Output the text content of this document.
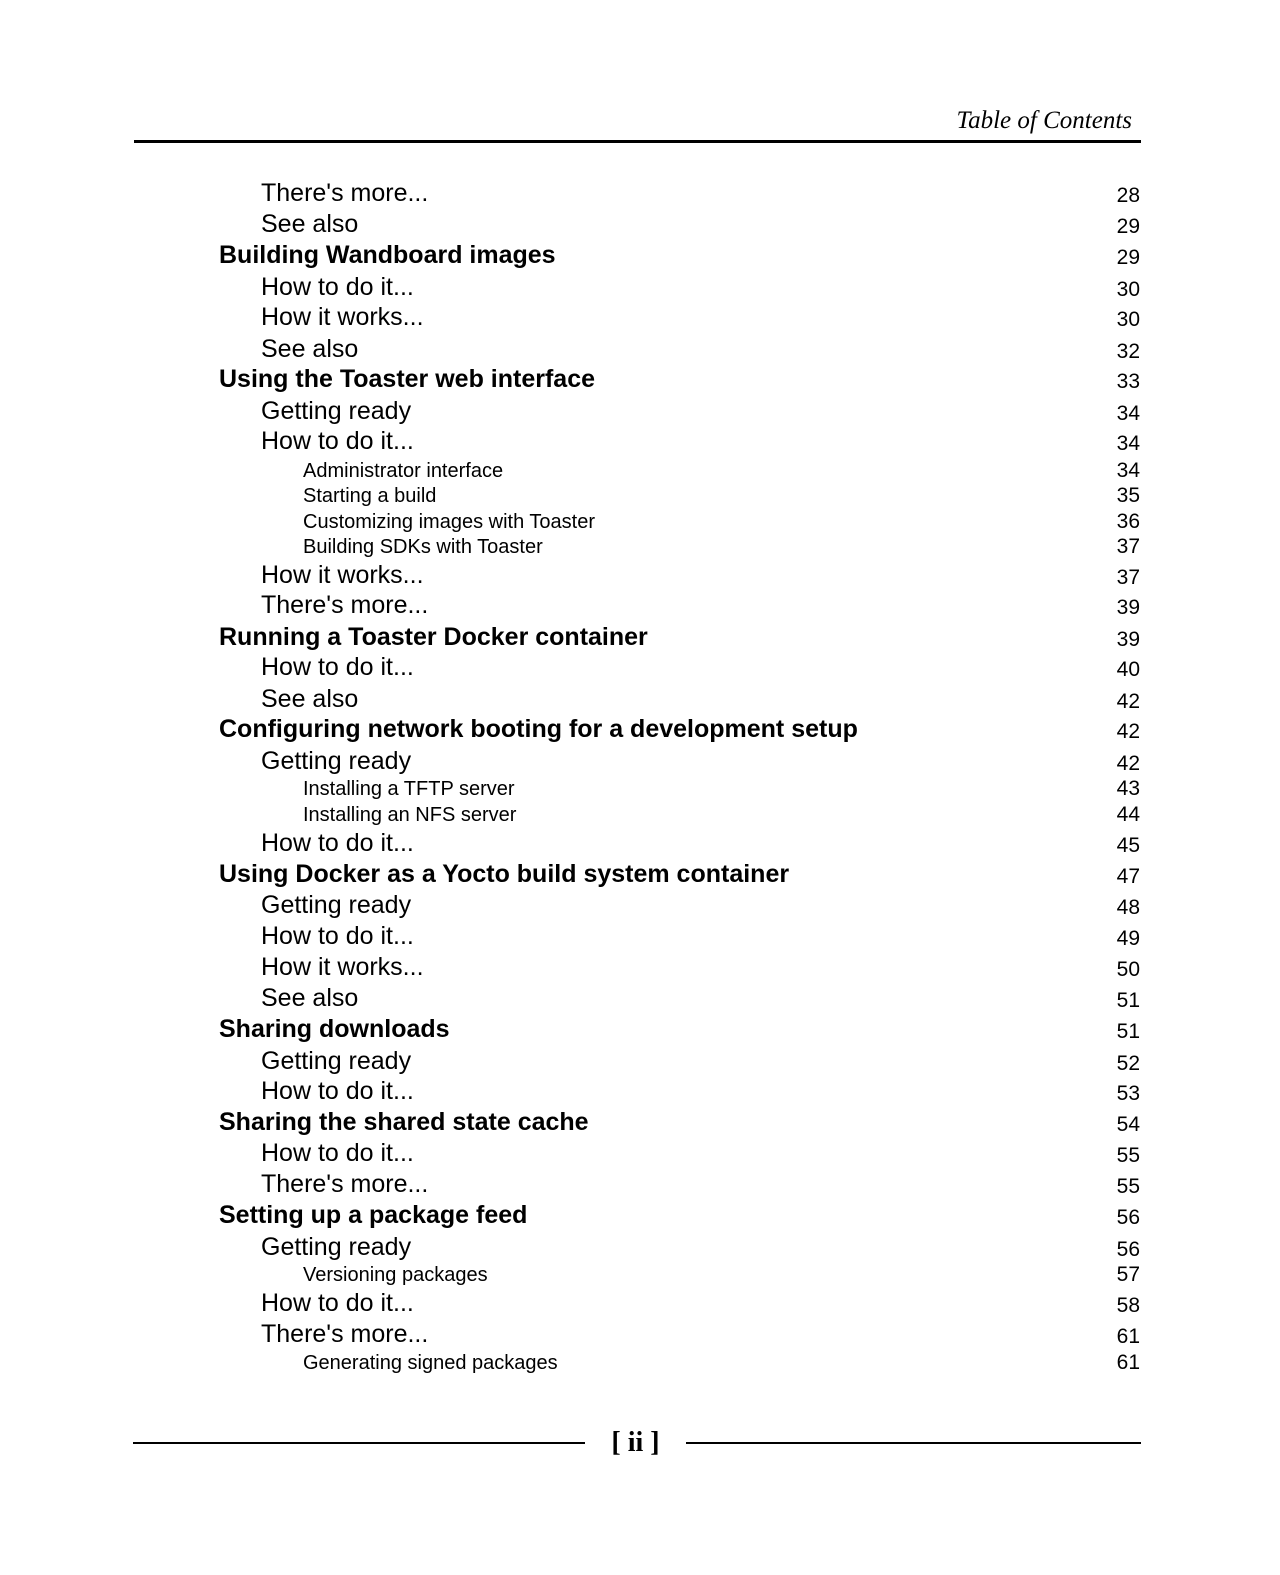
Table of Contents
There's more...	28
See also	29
Building Wandboard images	29
How to do it...	30
How it works...	30
See also	32
Using the Toaster web interface	33
Getting ready	34
How to do it...	34
Administrator interface	34
Starting a build	35
Customizing images with Toaster	36
Building SDKs with Toaster	37
How it works...	37
There's more...	39
Running a Toaster Docker container	39
How to do it...	40
See also	42
Configuring network booting for a development setup	42
Getting ready	42
Installing a TFTP server	43
Installing an NFS server	44
How to do it...	45
Using Docker as a Yocto build system container	47
Getting ready	48
How to do it...	49
How it works...	50
See also	51
Sharing downloads	51
Getting ready	52
How to do it...	53
Sharing the shared state cache	54
How to do it...	55
There's more...	55
Setting up a package feed	56
Getting ready	56
Versioning packages	57
How to do it...	58
There's more...	61
Generating signed packages	61
[ ii ]
